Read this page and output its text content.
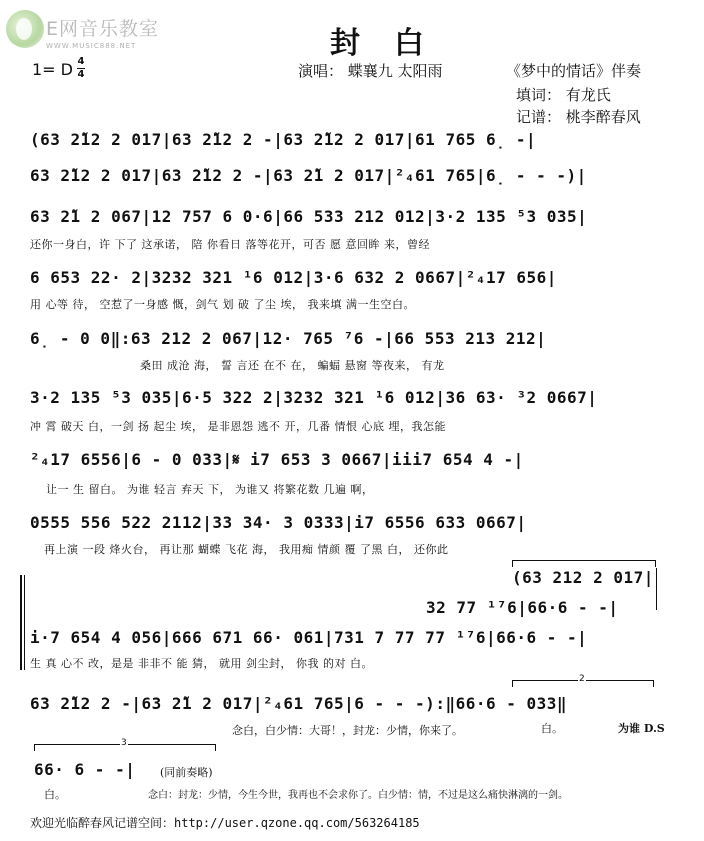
E网音乐教室
WWW.MUSIC888.NET	封白
1= D 4
4	演唱： 蝶襄九 太阳雨	《梦中的情话》伴奏
填词： 有龙氏
记谱： 桃李醉春风
(63 2̃12 2 017|63 2̃12 2 -|63 2̃12 2 017|61 765 6̣ -|
63 2̃12 2 017|63 2̃12 2 -|63 2̃1 2 017|²₄61 765|6̣ - - -)|
63 2̃1 2 067|12 757 6 0·6|66 533 212 012|3·2 135 ⁵3 035|
还你一身白，许 下了 这承诺， 陪 你看日 落等花开，可否 愿 意回眸 来，曾经
6 653 22· 2|3232 321 ¹6 012|3·6 632 2 0667|²₄17 656|
用 心等 待， 空惹了一身感 慨，剑气 划 破 了尘 埃， 我来填 满一生空白。
6̣ - 0 0‖:63 212 2 067|12· 765 ⁷6 -|66 553 213 212|
桑田 成沧 海， 誓 言还 在不 在， 蝙蝠 悬窗 等夜来， 有龙
3·2 135 ⁵3 035|6·5 322 2|3232 321 ¹6 012|36 63· ³2 0667|
冲 霄 破天 白，一剑 扬 起尘 埃， 是非恩怨 逃不 开，几番 情恨 心底 埋，我怎能
²₄17 6556|6 - 0 033|𝄋 i7 653 3 0667|iii7 654 4 -|
让一 生 留白。 为谁 轻言 弃天 下， 为谁又 将繁花数 几遍 啊，
0555 556 522 2112|33 34· 3 0333|i7 6556 633 0667|
再上演 一段 烽火台， 再让那 蝴蝶 飞花 海， 我用痴 情颜 覆 了黑 白， 还你此
(63 212 2 017|
32 77 ¹⁷6|66·6 - -|
i·7 654 4 056|666 671 66· 061|731 7 77 77 ¹⁷6|66·6 - -|
生 真 心不 改，是是 非非不 能 猜， 就用 剑尘封， 你我 的对 白。
63 2̃12 2 -|63 2̃1 2 017|²₄61 765|6 - - -):‖66·6 - 033‖
2
念白，白少情：大哥！，封龙：少情，你来了。	白。	为谁 D.S
3
66· 6 - -| (同前奏略)
白。	念白：封龙：少情，今生今世，我再也不会求你了。白少情：情，不过是这么痛快淋漓的一剑。
欢迎光临醉春风记谱空间：http://user.qzone.qq.com/563264185
